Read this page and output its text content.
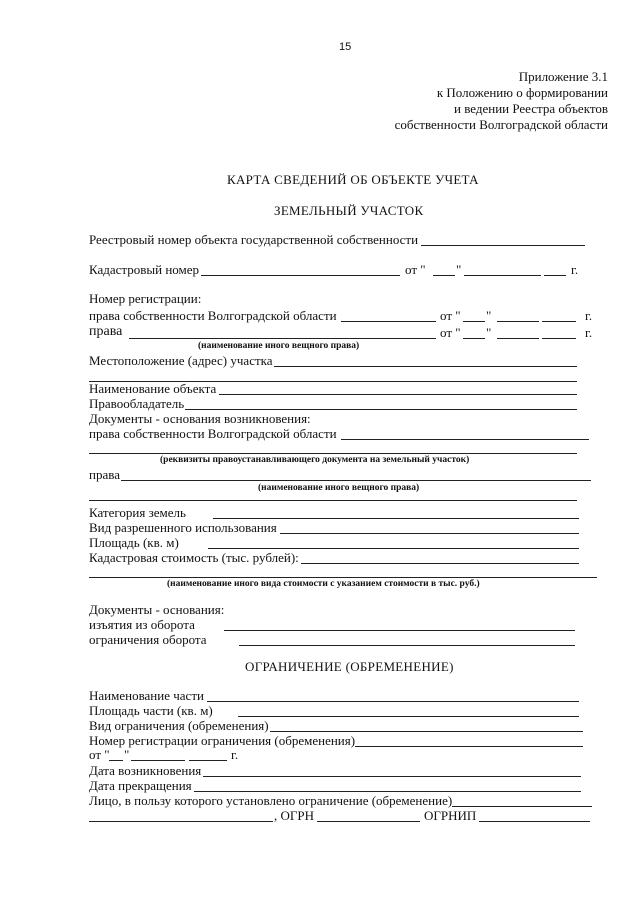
15
Приложение 3.1
к Положению о формировании
и ведении Реестра объектов
собственности Волгоградской области
КАРТА СВЕДЕНИЙ ОБ ОБЪЕКТЕ УЧЕТА
ЗЕМЕЛЬНЫЙ УЧАСТОК
Реестровый номер объекта государственной собственности
Кадастровый номер	от " "	г.
Номер регистрации:
права собственности Волгоградской области	от " "	г.
права	от " "	г.
(наименование иного вещного права)
Местоположение (адрес) участка
Наименование объекта
Правообладатель
Документы - основания возникновения:
права собственности Волгоградской области
(реквизиты правоустанавливающего документа на земельный участок)
права
(наименование иного вещного права)
Категория земель
Вид разрешенного использования
Площадь (кв. м)
Кадастровая стоимость (тыс. рублей):
(наименование иного вида стоимости с указанием стоимости в тыс. руб.)
Документы - основания:
изъятия из оборота
ограничения оборота
ОГРАНИЧЕНИЕ (ОБРЕМЕНЕНИЕ)
Наименование части
Площадь части (кв. м)
Вид ограничения (обременения)
Номер регистрации ограничения (обременения)
от " "	г.
Дата возникновения
Дата прекращения
Лицо, в пользу которого установлено ограничение (обременение)
, ОГРН	ОГРНИП
